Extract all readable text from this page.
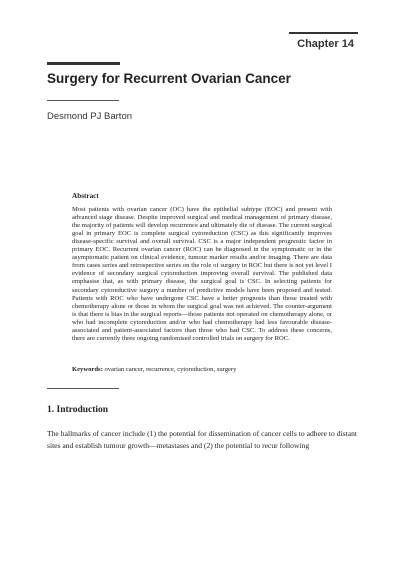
Chapter 14
Surgery for Recurrent Ovarian Cancer
Desmond PJ Barton
Abstract

Most patients with ovarian cancer (OC) have the epithelial subtype (EOC) and present with advanced stage disease. Despite improved surgical and medical management of primary disease, the majority of patients will develop recurrence and ultimately die of disease. The current surgical goal in primary EOC is complete surgical cytoreduction (CSC) as this significantly improves disease-specific survival and overall survival. CSC is a major independent prognostic factor in primary EOC. Recurrent ovarian cancer (ROC) can be diagnosed in the symptomatic or in the asymptomatic patient on clinical evidence, tumour marker results and/or imaging. There are data from cases series and retrospective series on the role of surgery in ROC but there is not yet level I evidence of secondary surgical cytoreduction improving overall survival. The published data emphasise that, as with primary disease, the surgical goal is CSC. In selecting patients for secondary cytoreductive surgery a number of predictive models have been proposed and tested. Patients with ROC who have undergone CSC have a better prognosis than those treated with chemotherapy alone or those in whom the surgical goal was not achieved. The counter-argument is that there is bias in the surgical reports—those patients not operated on chemotherapy alone, or who had incomplete cytoreduction and/or who had chemotherapy had less favourable disease-associated and patient-associated factors than those who had CSC. To address these concerns, there are currently three ongoing randomised controlled trials on surgery for ROC.

Keywords: ovarian cancer, recurrence, cytoreduction, surgery
1. Introduction
The hallmarks of cancer include (1) the potential for dissemination of cancer cells to adhere to distant sites and establish tumour growth—metastases and (2) the potential to recur following
